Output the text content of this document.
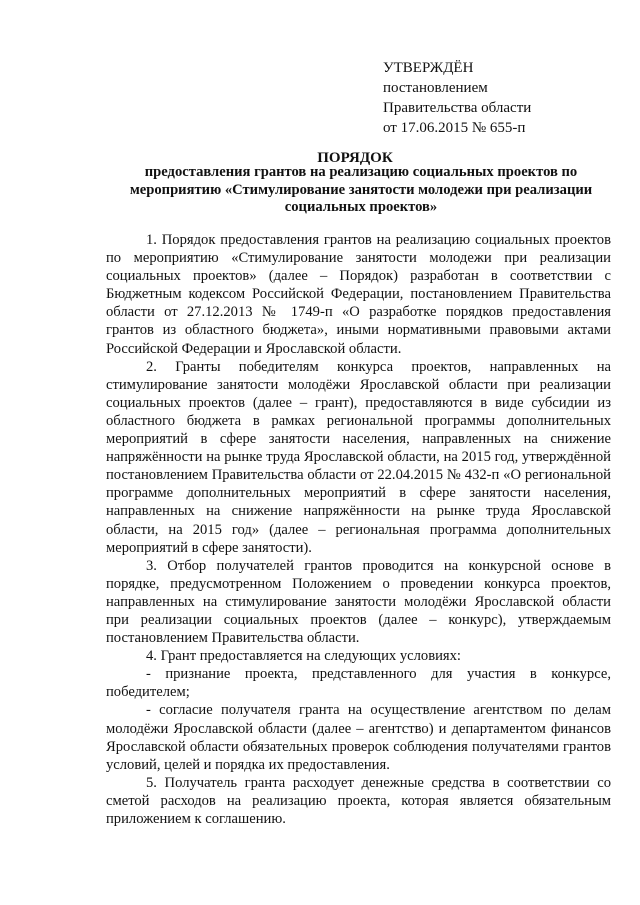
УТВЕРЖДЁН
постановлением
Правительства области
от 17.06.2015 № 655-п
ПОРЯДОК
предоставления грантов на реализацию социальных проектов по мероприятию «Стимулирование занятости молодежи при реализации социальных проектов»

1. Порядок предоставления грантов на реализацию социальных проектов по мероприятию «Стимулирование занятости молодежи при реализации социальных проектов» (далее – Порядок) разработан в соответствии с Бюджетным кодексом Российской Федерации, постановлением Правительства области от 27.12.2013 № 1749-п «О разработке порядков предоставления грантов из областного бюджета», иными нормативными правовыми актами Российской Федерации и Ярославской области.

2. Гранты победителям конкурса проектов, направленных на стимулирование занятости молодёжи Ярославской области при реализации социальных проектов (далее – грант), предоставляются в виде субсидии из областного бюджета в рамках региональной программы дополнительных мероприятий в сфере занятости населения, направленных на снижение напряжённости на рынке труда Ярославской области, на 2015 год, утверждённой постановлением Правительства области от 22.04.2015 № 432-п «О региональной программе дополнительных мероприятий в сфере занятости населения, направленных на снижение напряжённости на рынке труда Ярославской области, на 2015 год» (далее – региональная программа дополнительных мероприятий в сфере занятости).

3. Отбор получателей грантов проводится на конкурсной основе в порядке, предусмотренном Положением о проведении конкурса проектов, направленных на стимулирование занятости молодёжи Ярославской области при реализации социальных проектов (далее – конкурс), утверждаемым постановлением Правительства области.

4. Грант предоставляется на следующих условиях:

- признание проекта, представленного для участия в конкурсе, победителем;

- согласие получателя гранта на осуществление агентством по делам молодёжи Ярославской области (далее – агентство) и департаментом финансов Ярославской области обязательных проверок соблюдения получателями грантов условий, целей и порядка их предоставления.

5. Получатель гранта расходует денежные средства в соответствии со сметой расходов на реализацию проекта, которая является обязательным приложением к соглашению.
